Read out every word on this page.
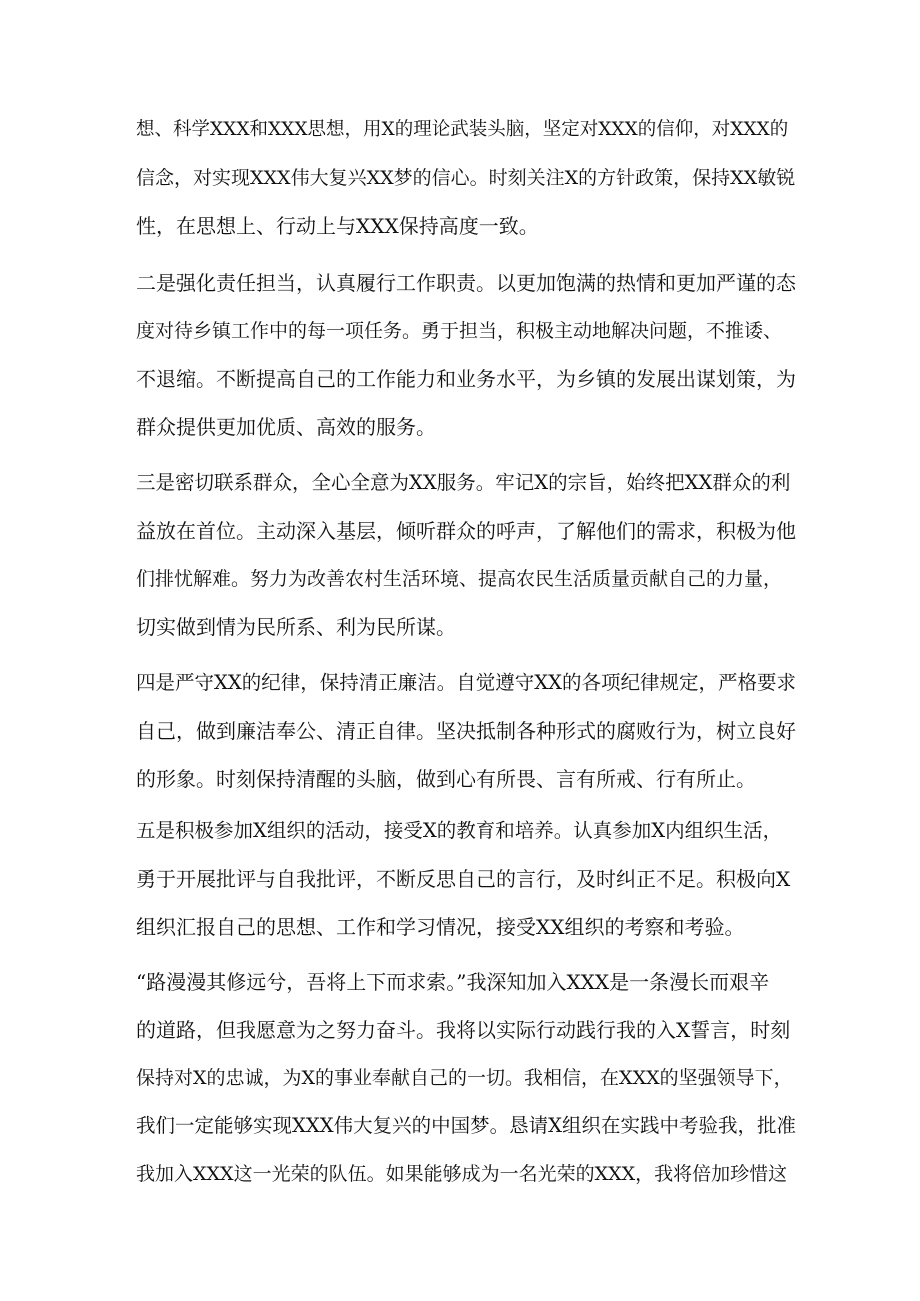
想、科学XXX和XXX思想，用X的理论武装头脑，坚定对XXX的信仰，对XXX的
信念，对实现XXX伟大复兴XX梦的信心。时刻关注X的方针政策，保持XX敏锐
性，在思想上、行动上与XXX保持高度一致。
二是强化责任担当，认真履行工作职责。以更加饱满的热情和更加严谨的态
度对待乡镇工作中的每一项任务。勇于担当，积极主动地解决问题，不推诿、
不退缩。不断提高自己的工作能力和业务水平，为乡镇的发展出谋划策，为
群众提供更加优质、高效的服务。
三是密切联系群众，全心全意为XX服务。牢记X的宗旨，始终把XX群众的利
益放在首位。主动深入基层，倾听群众的呼声，了解他们的需求，积极为他
们排忧解难。努力为改善农村生活环境、提高农民生活质量贡献自己的力量，
切实做到情为民所系、利为民所谋。
四是严守XX的纪律，保持清正廉洁。自觉遵守XX的各项纪律规定，严格要求
自己，做到廉洁奉公、清正自律。坚决抵制各种形式的腐败行为，树立良好
的形象。时刻保持清醒的头脑，做到心有所畏、言有所戒、行有所止。
五是积极参加X组织的活动，接受X的教育和培养。认真参加X内组织生活，
勇于开展批评与自我批评，不断反思自己的言行，及时纠正不足。积极向X
组织汇报自己的思想、工作和学习情况，接受XX组织的考察和考验。
“路漫漫其修远兮，吾将上下而求索。”我深知加入XXX是一条漫长而艰辛
的道路，但我愿意为之努力奋斗。我将以实际行动践行我的入X誓言，时刻
保持对X的忠诚，为X的事业奉献自己的一切。我相信，在XXX的坚强领导下，
我们一定能够实现XXX伟大复兴的中国梦。恳请X组织在实践中考验我，批准
我加入XXX这一光荣的队伍。如果能够成为一名光荣的XXX，我将倍加珍惜这
